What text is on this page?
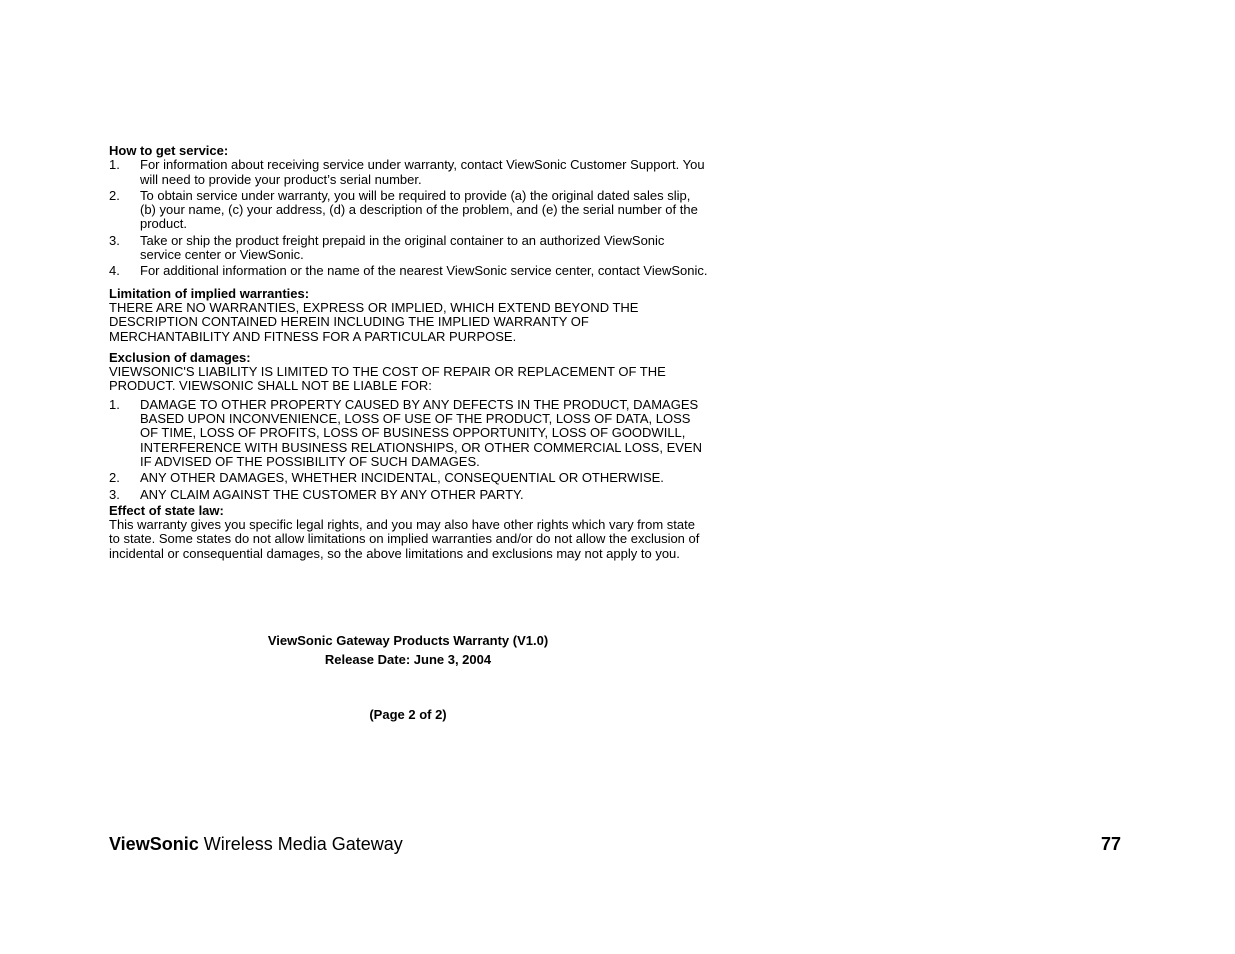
How to get service:

1. For information about receiving service under warranty, contact ViewSonic Customer Support. You will need to provide your product’s serial number.
2. To obtain service under warranty, you will be required to provide (a) the original dated sales slip, (b) your name, (c) your address, (d) a description of the problem, and (e) the serial number of the product.
3. Take or ship the product freight prepaid in the original container to an authorized ViewSonic service center or ViewSonic.
4. For additional information or the name of the nearest ViewSonic service center, contact ViewSonic.

Limitation of implied warranties:

THERE ARE NO WARRANTIES, EXPRESS OR IMPLIED, WHICH EXTEND BEYOND THE DESCRIPTION CONTAINED HEREIN INCLUDING THE IMPLIED WARRANTY OF MERCHANTABILITY AND FITNESS FOR A PARTICULAR PURPOSE.

Exclusion of damages:

VIEWSONIC'S LIABILITY IS LIMITED TO THE COST OF REPAIR OR REPLACEMENT OF THE PRODUCT. VIEWSONIC SHALL NOT BE LIABLE FOR:

1. DAMAGE TO OTHER PROPERTY CAUSED BY ANY DEFECTS IN THE PRODUCT, DAMAGES BASED UPON INCONVENIENCE, LOSS OF USE OF THE PRODUCT, LOSS OF DATA, LOSS OF TIME, LOSS OF PROFITS, LOSS OF BUSINESS OPPORTUNITY, LOSS OF GOODWILL, INTERFERENCE WITH BUSINESS RELATIONSHIPS, OR OTHER COMMERCIAL LOSS, EVEN IF ADVISED OF THE POSSIBILITY OF SUCH DAMAGES.
2. ANY OTHER DAMAGES, WHETHER INCIDENTAL, CONSEQUENTIAL OR OTHERWISE.
3. ANY CLAIM AGAINST THE CUSTOMER BY ANY OTHER PARTY.

Effect of state law:

This warranty gives you specific legal rights, and you may also have other rights which vary from state to state. Some states do not allow limitations on implied warranties and/or do not allow the exclusion of incidental or consequential damages, so the above limitations and exclusions may not apply to you.

ViewSonic Gateway Products Warranty (V1.0)
Release Date: June 3, 2004
(Page 2 of 2)
ViewSonic Wireless Media Gateway	77
